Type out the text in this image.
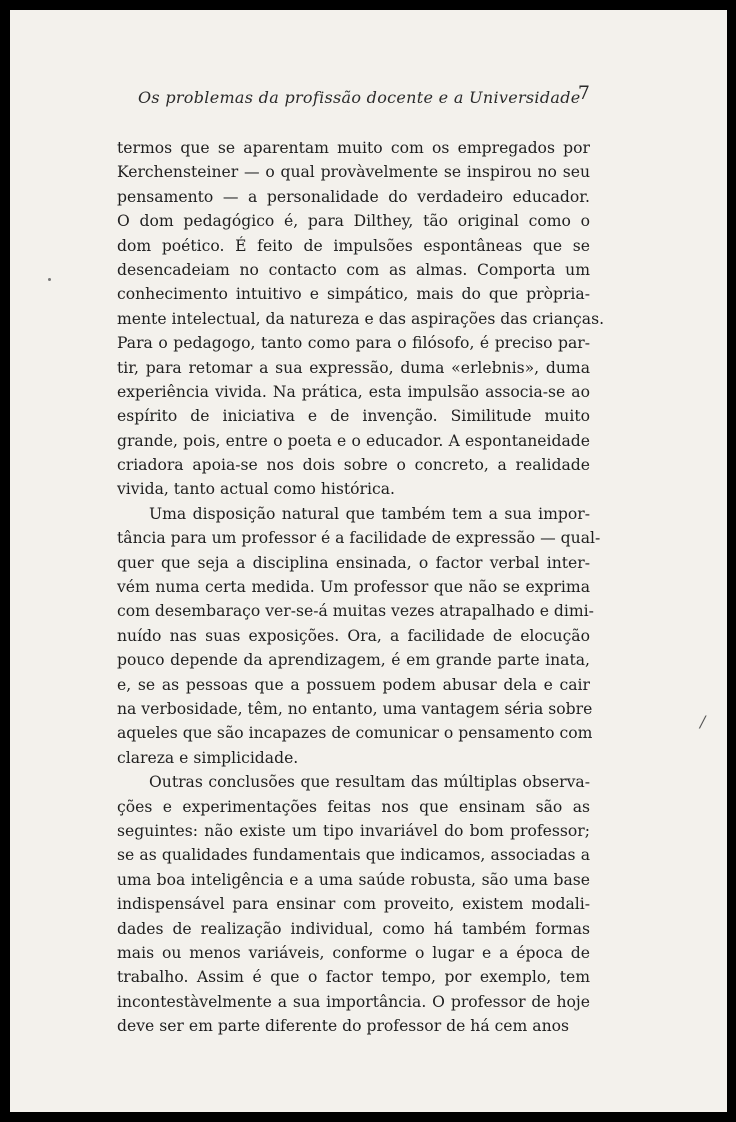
Os problemas da profissão docente e a Universidade
7
termos que se aparentam muito com os empregados por
Kerchensteiner — o qual provàvelmente se inspirou no seu
pensamento — a personalidade do verdadeiro educador.
O dom pedagógico é, para Dilthey, tão original como o
dom poético. É feito de impulsões espontâneas que se
desencadeiam no contacto com as almas. Comporta um
conhecimento intuitivo e simpático, mais do que pròpria-
mente intelectual, da natureza e das aspirações das crianças.
Para o pedagogo, tanto como para o filósofo, é preciso par-
tir, para retomar a sua expressão, duma «erlebnis», duma
experiência vivida. Na prática, esta impulsão associa-se ao
espírito de iniciativa e de invenção. Similitude muito
grande, pois, entre o poeta e o educador. A espontaneidade
criadora apoia-se nos dois sobre o concreto, a realidade
vivida, tanto actual como histórica.
Uma disposição natural que também tem a sua impor-
tância para um professor é a facilidade de expressão — qual-
quer que seja a disciplina ensinada, o factor verbal inter-
vém numa certa medida. Um professor que não se exprima
com desembaraço ver-se-á muitas vezes atrapalhado e dimi-
nuído nas suas exposições. Ora, a facilidade de elocução
pouco depende da aprendizagem, é em grande parte inata,
e, se as pessoas que a possuem podem abusar dela e cair
na verbosidade, têm, no entanto, uma vantagem séria sobre
aqueles que são incapazes de comunicar o pensamento com
clareza e simplicidade.
Outras conclusões que resultam das múltiplas observa-
ções e experimentações feitas nos que ensinam são as
seguintes: não existe um tipo invariável do bom professor;
se as qualidades fundamentais que indicamos, associadas a
uma boa inteligência e a uma saúde robusta, são uma base
indispensável para ensinar com proveito, existem modali-
dades de realização individual, como há também formas
mais ou menos variáveis, conforme o lugar e a época de
trabalho. Assim é que o factor tempo, por exemplo, tem
incontestàvelmente a sua importância. O professor de hoje
deve ser em parte diferente do professor de há cem anos
/
